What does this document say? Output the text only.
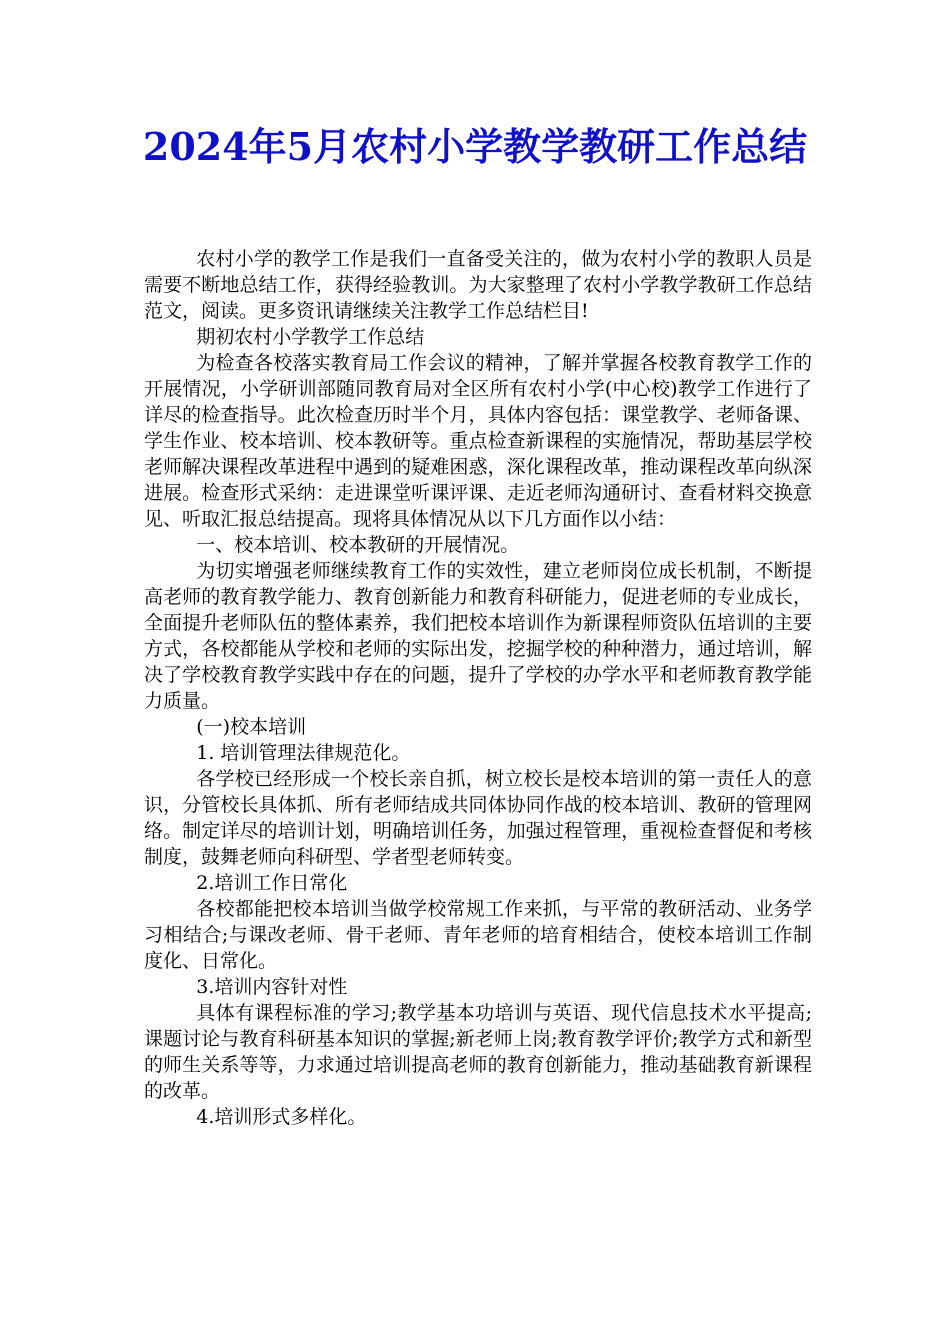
2024年5月农村小学教学教研工作总结

农村小学的教学工作是我们一直备受关注的，做为农村小学的教职人员是需要不断地总结工作，获得经验教训。为大家整理了农村小学教学教研工作总结范文，阅读。更多资讯请继续关注教学工作总结栏目!

期初农村小学教学工作总结

为检查各校落实教育局工作会议的精神，了解并掌握各校教育教学工作的开展情况，小学研训部随同教育局对全区所有农村小学(中心校)教学工作进行了详尽的检查指导。此次检查历时半个月，具体内容包括：课堂教学、老师备课、学生作业、校本培训、校本教研等。重点检查新课程的实施情况，帮助基层学校老师解决课程改革进程中遇到的疑难困惑，深化课程改革，推动课程改革向纵深进展。检查形式采纳：走进课堂听课评课、走近老师沟通研讨、查看材料交换意见、听取汇报总结提高。现将具体情况从以下几方面作以小结：

一、校本培训、校本教研的开展情况。

为切实增强老师继续教育工作的实效性，建立老师岗位成长机制，不断提高老师的教育教学能力、教育创新能力和教育科研能力，促进老师的专业成长，全面提升老师队伍的整体素养，我们把校本培训作为新课程师资队伍培训的主要方式，各校都能从学校和老师的实际出发，挖掘学校的种种潜力，通过培训，解决了学校教育教学实践中存在的问题，提升了学校的办学水平和老师教育教学能力质量。

(一)校本培训

1. 培训管理法律规范化。

各学校已经形成一个校长亲自抓，树立校长是校本培训的第一责任人的意识，分管校长具体抓、所有老师结成共同体协同作战的校本培训、教研的管理网络。制定详尽的培训计划，明确培训任务，加强过程管理，重视检查督促和考核制度，鼓舞老师向科研型、学者型老师转变。

2.培训工作日常化

各校都能把校本培训当做学校常规工作来抓，与平常的教研活动、业务学习相结合;与课改老师、骨干老师、青年老师的培育相结合，使校本培训工作制度化、日常化。

3.培训内容针对性

具体有课程标准的学习;教学基本功培训与英语、现代信息技术水平提高;课题讨论与教育科研基本知识的掌握;新老师上岗;教育教学评价;教学方式和新型的师生关系等等，力求通过培训提高老师的教育创新能力，推动基础教育新课程的改革。

4.培训形式多样化。
